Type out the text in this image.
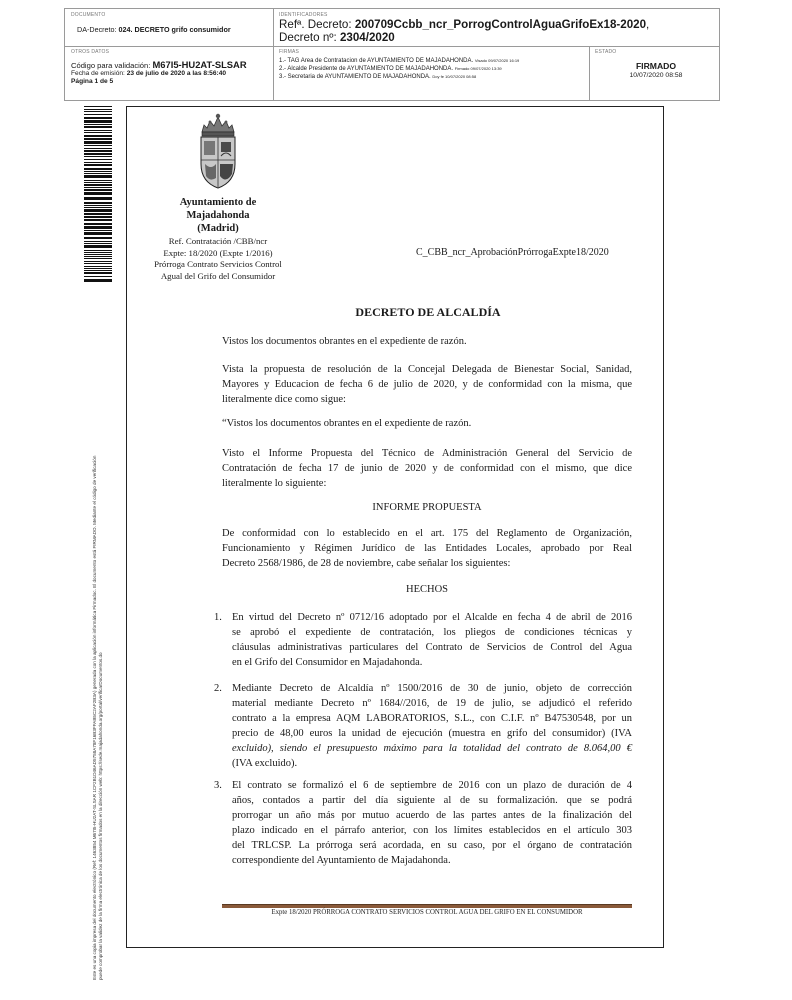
DOCUMENTO
DA-Decreto: 024. DECRETO grifo consumidor
IDENTIFICADORES
Refª. Decreto: 200709Ccbb_ncr_PorrogControlAguaGrifoEx18-2020,
Decreto nº: 2304/2020
OTROS DATOS
Código para validación: M67I5-HU2AT-SLSAR
Fecha de emisión: 23 de julio de 2020 a las 8:56:40
Página 1 de 5
FIRMAS
1.- TAG Area de Contratacion de AYUNTAMIENTO DE MAJADAHONDA. Visado 09/07/2020 16:19
2.- Alcalde Presidente de AYUNTAMIENTO DE MAJADAHONDA. Firmado 09/07/2020 13:39
3.- Secretaria de AYUNTAMIENTO DE MAJADAHONDA. Doy fe 10/07/2020 08:58
ESTADO
FIRMADO
10/07/2020 08:58
Este es una copia impresa del documento electrónico (Ref: 1463854 M67I5-HU2AT-SLSAR 1CF2B1D46AD5758A78F16B3FFAB5C2AF2B3A) generada con la aplicación informática Firmadoc. El documento está FIRMADO. Mediante el código de verificación puede comprobar la validez de la firma electrónica de los documentos firmados en la dirección web: https://sede.majadahonda.org/portal/verificarDocumentos.do
Ayuntamiento de
Majadahonda
(Madrid)
Ref. Contratación /CBB/ncr
Expte: 18/2020 (Expte 1/2016)
Prórroga Contrato Servicios Control
Agual del Grifo del Consumidor
C_CBB_ncr_AprobaciónPrórrogaExpte18/2020
DECRETO DE ALCALDÍA
Vistos los documentos obrantes en el expediente de razón.
Vista la propuesta de resolución de la Concejal Delegada de Bienestar Social, Sanidad,
Mayores y Educacion de fecha 6 de julio de 2020, y de conformidad con la misma, que
literalmente dice como sigue:
“Vistos los documentos obrantes en el expediente de razón.
Visto el Informe Propuesta del Técnico de Administración General del Servicio de
Contratación de fecha 17 de junio de 2020 y de conformidad con el mismo, que dice
literalmente lo siguiente:
INFORME PROPUESTA
De conformidad con lo establecido en el art. 175 del Reglamento de Organización,
Funcionamiento y Régimen Jurídico de las Entidades Locales, aprobado por Real
Decreto 2568/1986, de 28 de noviembre, cabe señalar los siguientes:
HECHOS
1. En virtud del Decreto nº 0712/16 adoptado por el Alcalde en fecha 4 de abril de 2016
se aprobó el expediente de contratación, los pliegos de condiciones técnicas y
cláusulas administrativas particulares del Contrato de Servicios de Control del Agua
en el Grifo del Consumidor en Majadahonda.
2. Mediante Decreto de Alcaldía nº 1500/2016 de 30 de junio, objeto de corrección
material mediante Decreto nº 1684//2016, de 19 de julio, se adjudicó el referido
contrato a la empresa AQM LABORATORIOS, S.L., con C.I.F. nº B47530548, por un
precio de 48,00 euros la unidad de ejecución (muestra en grifo del consumidor) (IVA
excluido), siendo el presupuesto máximo para la totalidad del contrato de 8.064,00 €
(IVA excluido).
3. El contrato se formalizó el 6 de septiembre de 2016 con un plazo de duración de 4
años, contados a partir del día siguiente al de su formalización. que se podrá
prorrogar un año más por mutuo acuerdo de las partes antes de la finalización del
plazo indicado en el párrafo anterior, con los límites establecidos en el artículo 303
del TRLCSP. La prórroga será acordada, en su caso, por el órgano de contratación
correspondiente del Ayuntamiento de Majadahonda.
Expte 18/2020 PRÓRROGA CONTRATO SERVICIOS CONTROL AGUA DEL GRIFO EN EL CONSUMIDOR
